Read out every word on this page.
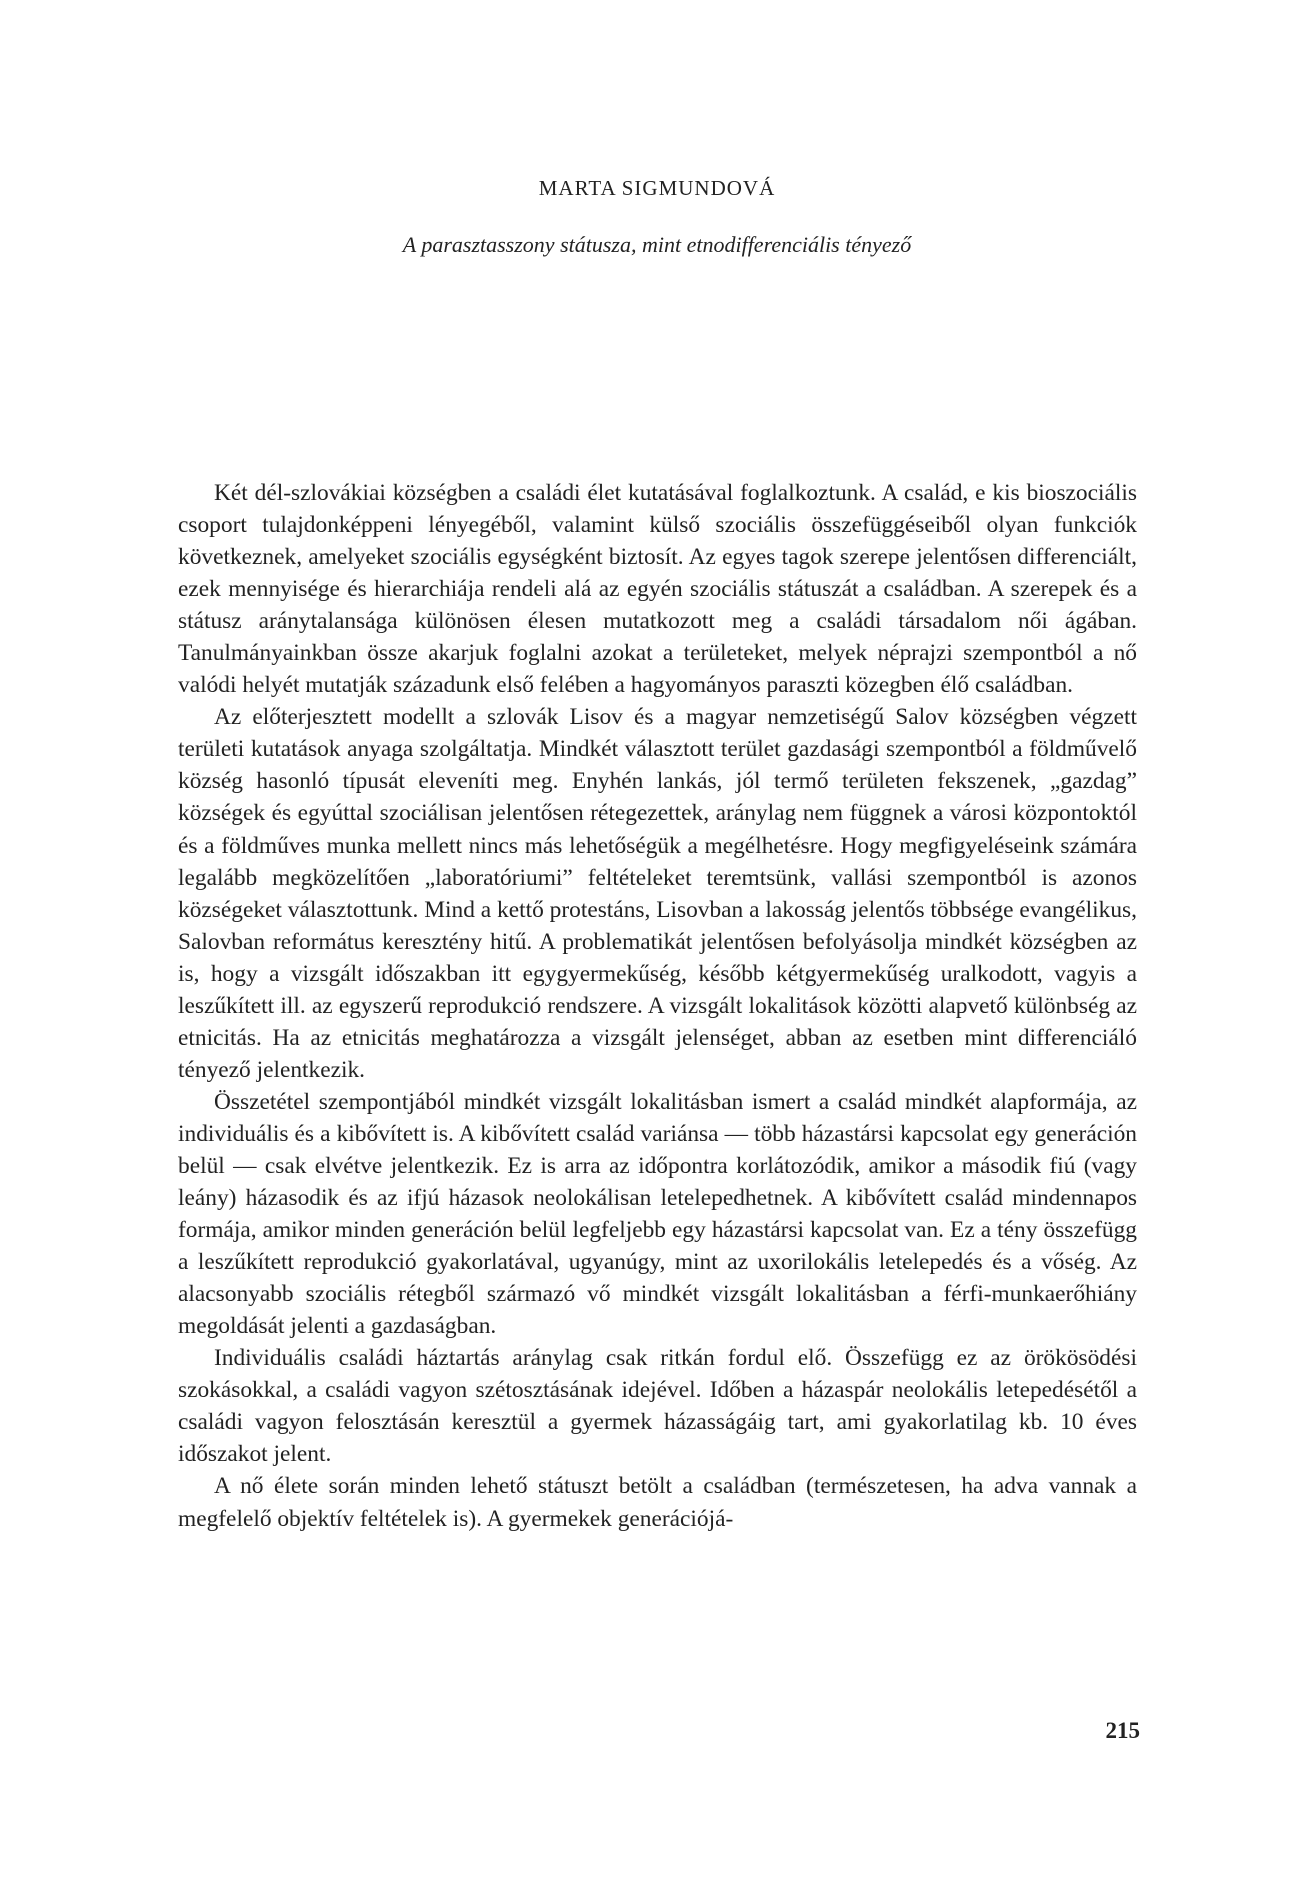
MARTA SIGMUNDOVÁ
A parasztasszony státusza, mint etnodifferenciális tényező

Két dél-szlovákiai községben a családi élet kutatásával foglalkoztunk. A család, e kis bioszociális csoport tulajdonképpeni lényegéből, valamint külső szociális összefüggéseiből olyan funkciók következnek, amelyeket szociális egységként biztosít. Az egyes tagok szerepe jelentősen differenciált, ezek mennyisége és hierarchiája rendeli alá az egyén szociális státuszát a családban. A szerepek és a státusz aránytalansága különösen élesen mutatkozott meg a családi társadalom női ágában. Tanulmányainkban össze akarjuk foglalni azokat a területeket, melyek néprajzi szempontból a nő valódi helyét mutatják századunk első felében a hagyományos paraszti közegben élő családban.

Az előterjesztett modellt a szlovák Lisov és a magyar nemzetiségű Salov községben végzett területi kutatások anyaga szolgáltatja. Mindkét választott terület gazdasági szempontból a földművelő község hasonló típusát eleveníti meg. Enyhén lankás, jól termő területen fekszenek, „gazdag” községek és egyúttal szociálisan jelentősen rétegezettek, aránylag nem függnek a városi központoktól és a földműves munka mellett nincs más lehetőségük a megélhetésre. Hogy megfigyeléseink számára legalább megközelítően „laboratóriumi” feltételeket teremtsünk, vallási szempontból is azonos községeket választottunk. Mind a kettő protestáns, Lisovban a lakosság jelentős többsége evangélikus, Salovban református keresztény hitű. A problematikát jelentősen befolyásolja mindkét községben az is, hogy a vizsgált időszakban itt egygyermekűség, később kétgyermekűség uralkodott, vagyis a leszűkített ill. az egyszerű reprodukció rendszere. A vizsgált lokalitások közötti alapvető különbség az etnicitás. Ha az etnicitás meghatározza a vizsgált jelenséget, abban az esetben mint differenciáló tényező jelentkezik.

Összetétel szempontjából mindkét vizsgált lokalitásban ismert a család mindkét alapformája, az individuális és a kibővített is. A kibővített család variánsa — több házastársi kapcsolat egy generáción belül — csak elvétve jelentkezik. Ez is arra az időpontra korlátozódik, amikor a második fiú (vagy leány) házasodik és az ifjú házasok neolokálisan letelepedhetnek. A kibővített család mindennapos formája, amikor minden generáción belül legfeljebb egy házastársi kapcsolat van. Ez a tény összefügg a leszűkített reprodukció gyakorlatával, ugyanúgy, mint az uxorilokális letelepedés és a vőség. Az alacsonyabb szociális rétegből származó vő mindkét vizsgált lokalitásban a férfi-munkaerőhiány megoldását jelenti a gazdaságban.

Individuális családi háztartás aránylag csak ritkán fordul elő. Összefügg ez az örökösödési szokásokkal, a családi vagyon szétosztásának idejével. Időben a házaspár neolokális letepedésétől a családi vagyon felosztásán keresztül a gyermek házasságáig tart, ami gyakorlatilag kb. 10 éves időszakot jelent.

A nő élete során minden lehető státuszt betölt a családban (természetesen, ha adva vannak a megfelelő objektív feltételek is). A gyermekek generációjá-

215
